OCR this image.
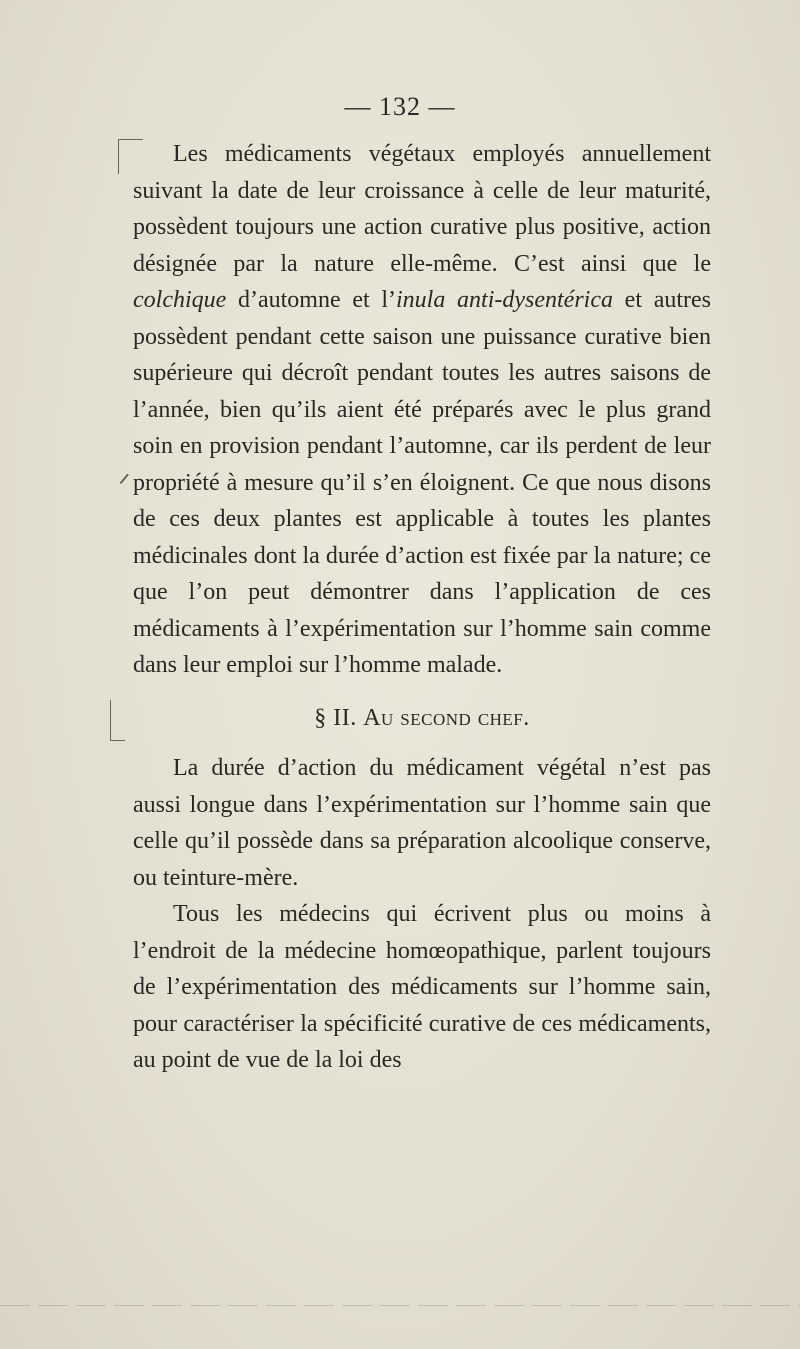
— 132 —

Les médicaments végétaux employés annuellement suivant la date de leur croissance à celle de leur maturité, possèdent toujours une action curative plus positive, action désignée par la nature elle-même. C’est ainsi que le colchique d’automne et l’inula anti-dysentérica et autres possèdent pendant cette saison une puissance curative bien supérieure qui décroît pendant toutes les autres saisons de l’année, bien qu’ils aient été préparés avec le plus grand soin en provision pendant l’automne, car ils perdent de leur propriété à mesure qu’il s’en éloignent. Ce que nous disons de ces deux plantes est applicable à toutes les plantes médicinales dont la durée d’action est fixée par la nature; ce que l’on peut démontrer dans l’application de ces médicaments à l’expérimentation sur l’homme sain comme dans leur emploi sur l’homme malade.

§ II. Au second chef.

La durée d’action du médicament végétal n’est pas aussi longue dans l’expérimentation sur l’homme sain que celle qu’il possède dans sa préparation alcoolique conserve, ou teinture-mère.

Tous les médecins qui écrivent plus ou moins à l’endroit de la médecine homœopathique, parlent toujours de l’expérimentation des médicaments sur l’homme sain, pour caractériser la spécificité curative de ces médicaments, au point de vue de la loi des
